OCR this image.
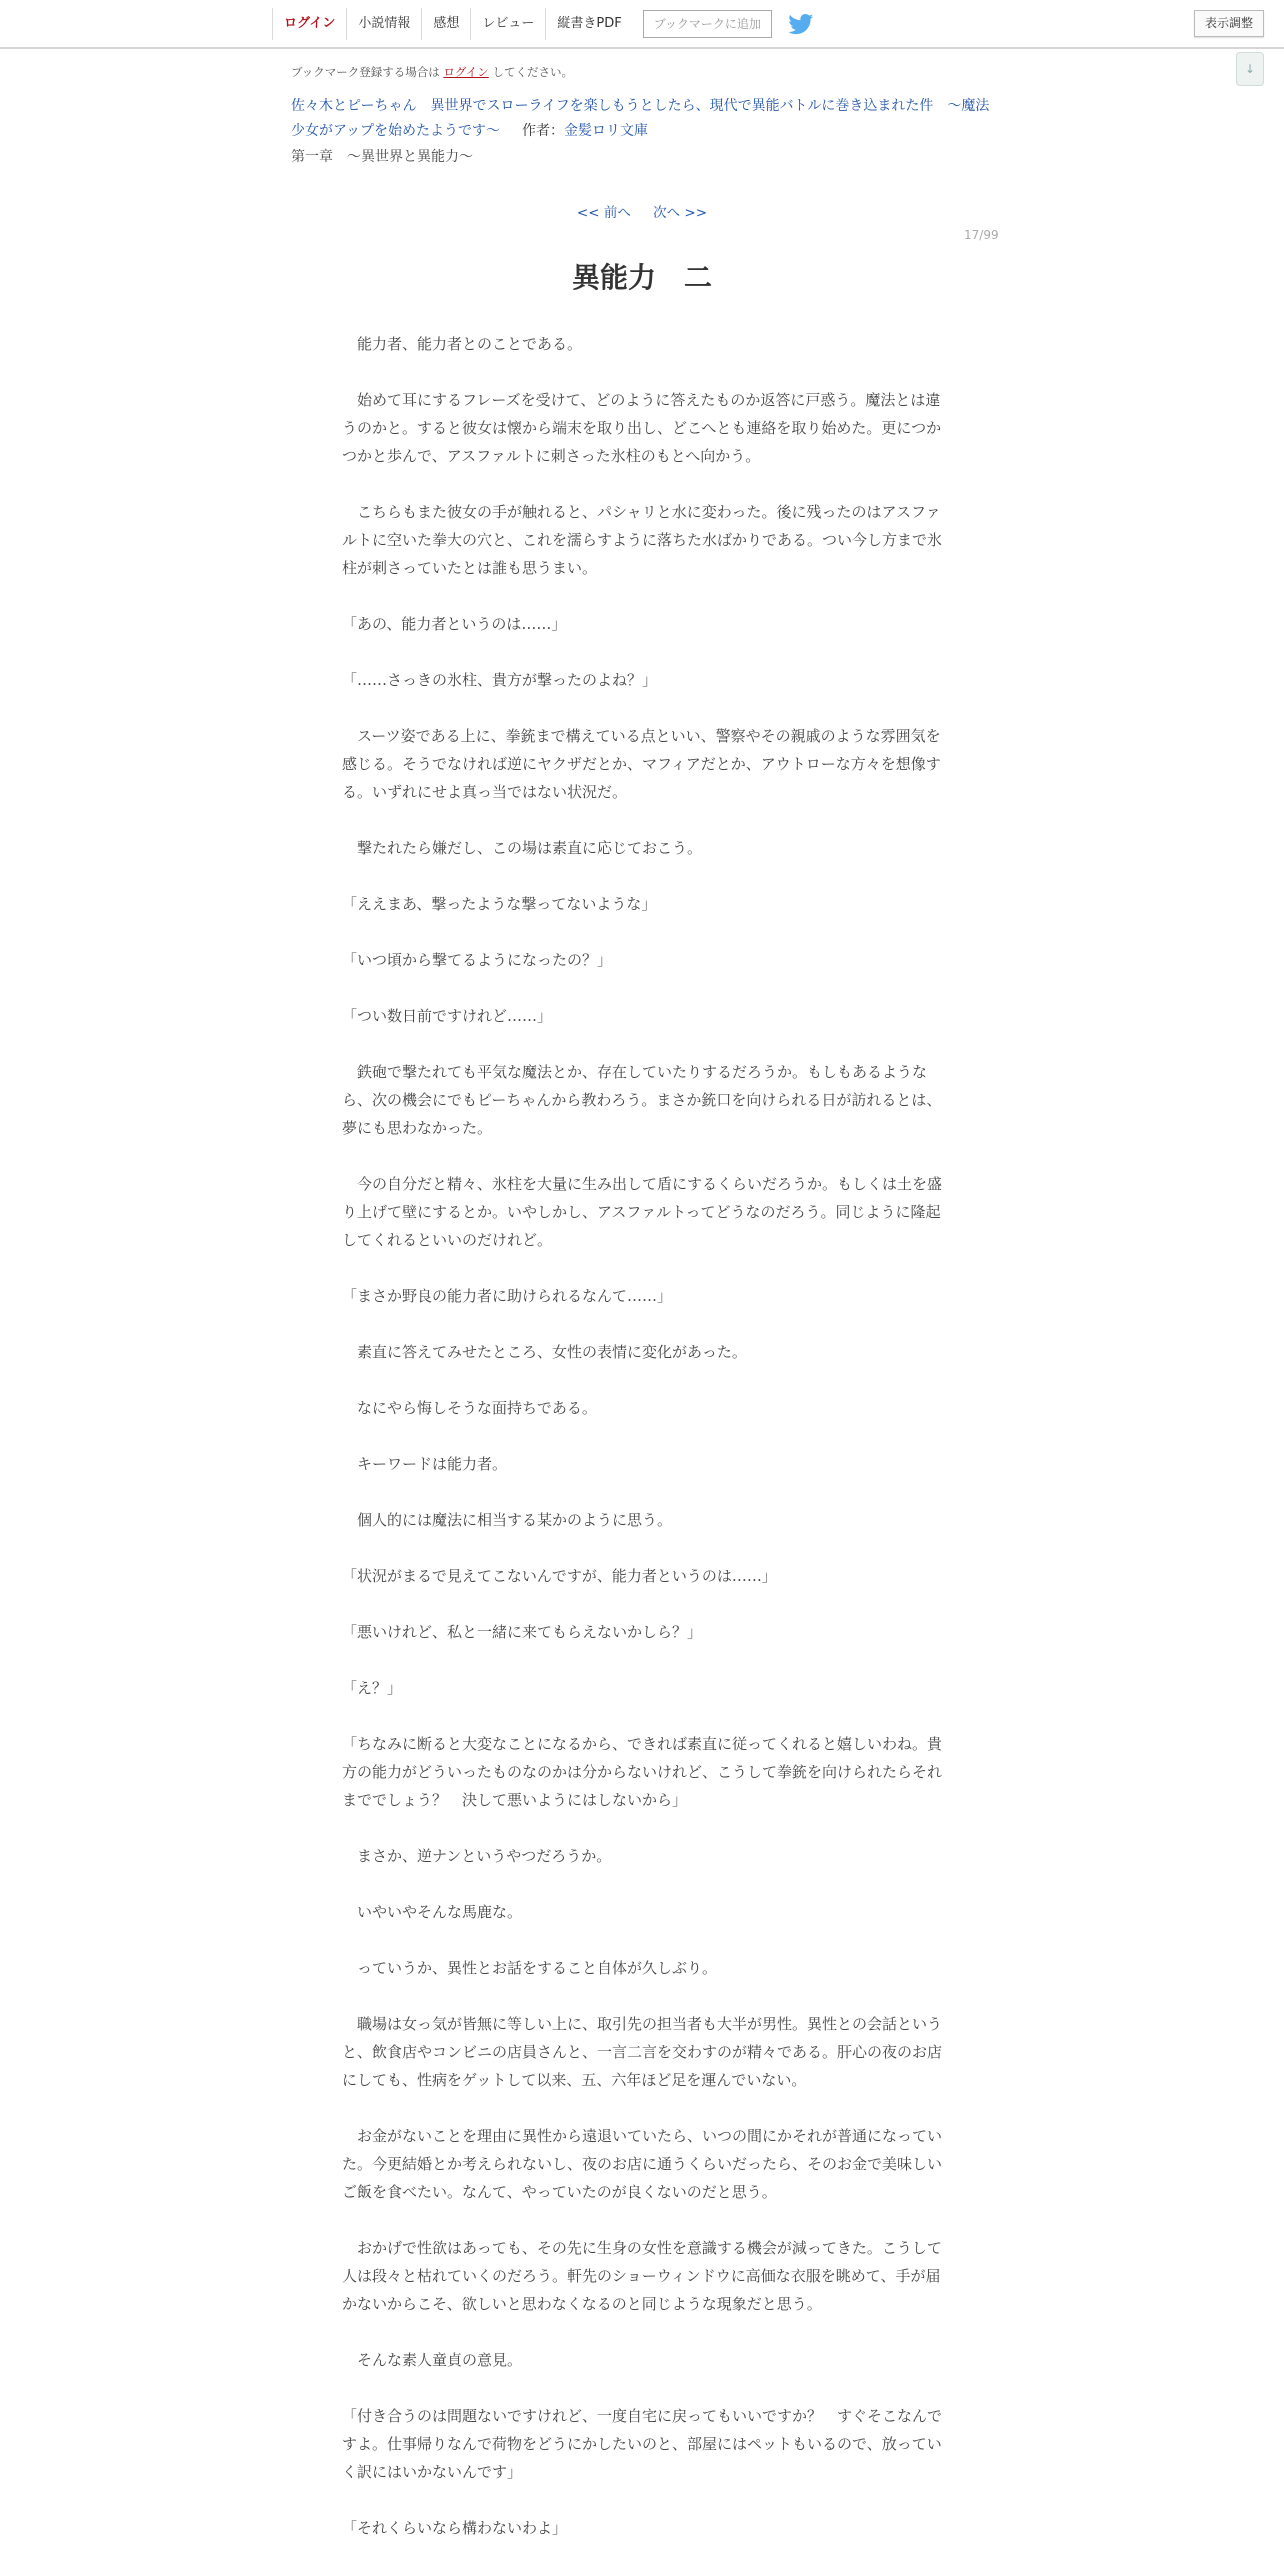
ログイン	小説情報	感想	レビュー	縦書きPDF	ブックマークに追加	表示調整
↓
ブックマーク登録する場合は ログイン してください。
佐々木とピーちゃん　異世界でスローライフを楽しもうとしたら、現代で異能バトルに巻き込まれた件　～魔法少女がアップを始めたようです～ 作者：金髪ロリ文庫
第一章　～異世界と異能力～
<< 前へ 次へ >>
17/99
異能力　二

　能力者、能力者とのことである。

　始めて耳にするフレーズを受けて、どのように答えたものか返答に戸惑う。魔法とは違うのかと。すると彼女は懐から端末を取り出し、どこへとも連絡を取り始めた。更につかつかと歩んで、アスファルトに刺さった氷柱のもとへ向かう。

　こちらもまた彼女の手が触れると、パシャリと水に変わった。後に残ったのはアスファルトに空いた拳大の穴と、これを濡らすように落ちた水ばかりである。つい今し方まで氷柱が刺さっていたとは誰も思うまい。

「あの、能力者というのは……」

「……さっきの氷柱、貴方が撃ったのよね？」

　スーツ姿である上に、拳銃まで構えている点といい、警察やその親戚のような雰囲気を感じる。そうでなければ逆にヤクザだとか、マフィアだとか、アウトローな方々を想像する。いずれにせよ真っ当ではない状況だ。

　撃たれたら嫌だし、この場は素直に応じておこう。

「ええまあ、撃ったような撃ってないような」

「いつ頃から撃てるようになったの？」

「つい数日前ですけれど……」

　鉄砲で撃たれても平気な魔法とか、存在していたりするだろうか。もしもあるようなら、次の機会にでもピーちゃんから教わろう。まさか銃口を向けられる日が訪れるとは、夢にも思わなかった。

　今の自分だと精々、氷柱を大量に生み出して盾にするくらいだろうか。もしくは土を盛り上げて壁にするとか。いやしかし、アスファルトってどうなのだろう。同じように隆起してくれるといいのだけれど。

「まさか野良の能力者に助けられるなんて……」

　素直に答えてみせたところ、女性の表情に変化があった。

　なにやら悔しそうな面持ちである。

　キーワードは能力者。

　個人的には魔法に相当する某かのように思う。

「状況がまるで見えてこないんですが、能力者というのは……」

「悪いけれど、私と一緒に来てもらえないかしら？」

「え？」

「ちなみに断ると大変なことになるから、できれば素直に従ってくれると嬉しいわね。貴方の能力がどういったものなのかは分からないけれど、こうして拳銃を向けられたらそれまででしょう？　決して悪いようにはしないから」

　まさか、逆ナンというやつだろうか。

　いやいやそんな馬鹿な。

　っていうか、異性とお話をすること自体が久しぶり。

　職場は女っ気が皆無に等しい上に、取引先の担当者も大半が男性。異性との会話というと、飲食店やコンビニの店員さんと、一言二言を交わすのが精々である。肝心の夜のお店にしても、性病をゲットして以来、五、六年ほど足を運んでいない。

　お金がないことを理由に異性から遠退いていたら、いつの間にかそれが普通になっていた。今更結婚とか考えられないし、夜のお店に通うくらいだったら、そのお金で美味しいご飯を食べたい。なんて、やっていたのが良くないのだと思う。

　おかげで性欲はあっても、その先に生身の女性を意識する機会が減ってきた。こうして人は段々と枯れていくのだろう。軒先のショーウィンドウに高価な衣服を眺めて、手が届かないからこそ、欲しいと思わなくなるのと同じような現象だと思う。

　そんな素人童貞の意見。

「付き合うのは問題ないですけれど、一度自宅に戻ってもいいですか？　すぐそこなんですよ。仕事帰りなんで荷物をどうにかしたいのと、部屋にはペットもいるので、放っていく訳にはいかないんです」

「それくらいなら構わないわよ」
